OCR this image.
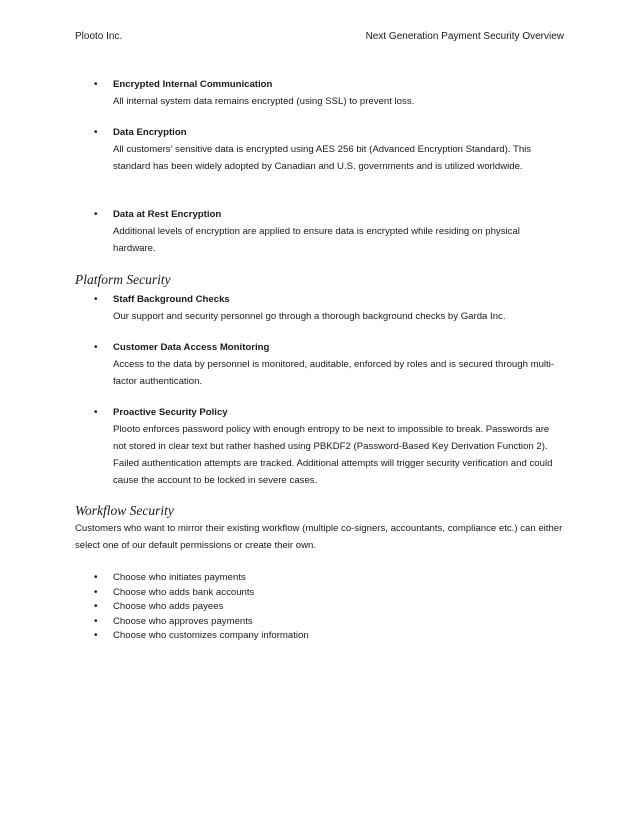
Plooto Inc.	Next Generation Payment Security Overview
• Encrypted Internal Communication
All internal system data remains encrypted (using SSL) to prevent loss.
• Data Encryption
All customers’ sensitive data is encrypted using AES 256 bit (Advanced Encryption Standard). This standard has been widely adopted by Canadian and U.S. governments and is utilized worldwide.
• Data at Rest Encryption
Additional levels of encryption are applied to ensure data is encrypted while residing on physical hardware.
Platform Security
• Staff Background Checks
Our support and security personnel go through a thorough background checks by Garda Inc.
• Customer Data Access Monitoring
Access to the data by personnel is monitored, auditable, enforced by roles and is secured through multi-factor authentication.
• Proactive Security Policy
Plooto enforces password policy with enough entropy to be next to impossible to break. Passwords are not stored in clear text but rather hashed using PBKDF2 (Password-Based Key Derivation Function 2). Failed authentication attempts are tracked. Additional attempts will trigger security verification and could cause the account to be locked in severe cases.
Workflow Security
Customers who want to mirror their existing workflow (multiple co-signers, accountants, compliance etc.) can either select one of our default permissions or create their own.
• Choose who initiates payments
• Choose who adds bank accounts
• Choose who adds payees
• Choose who approves payments
• Choose who customizes company information
